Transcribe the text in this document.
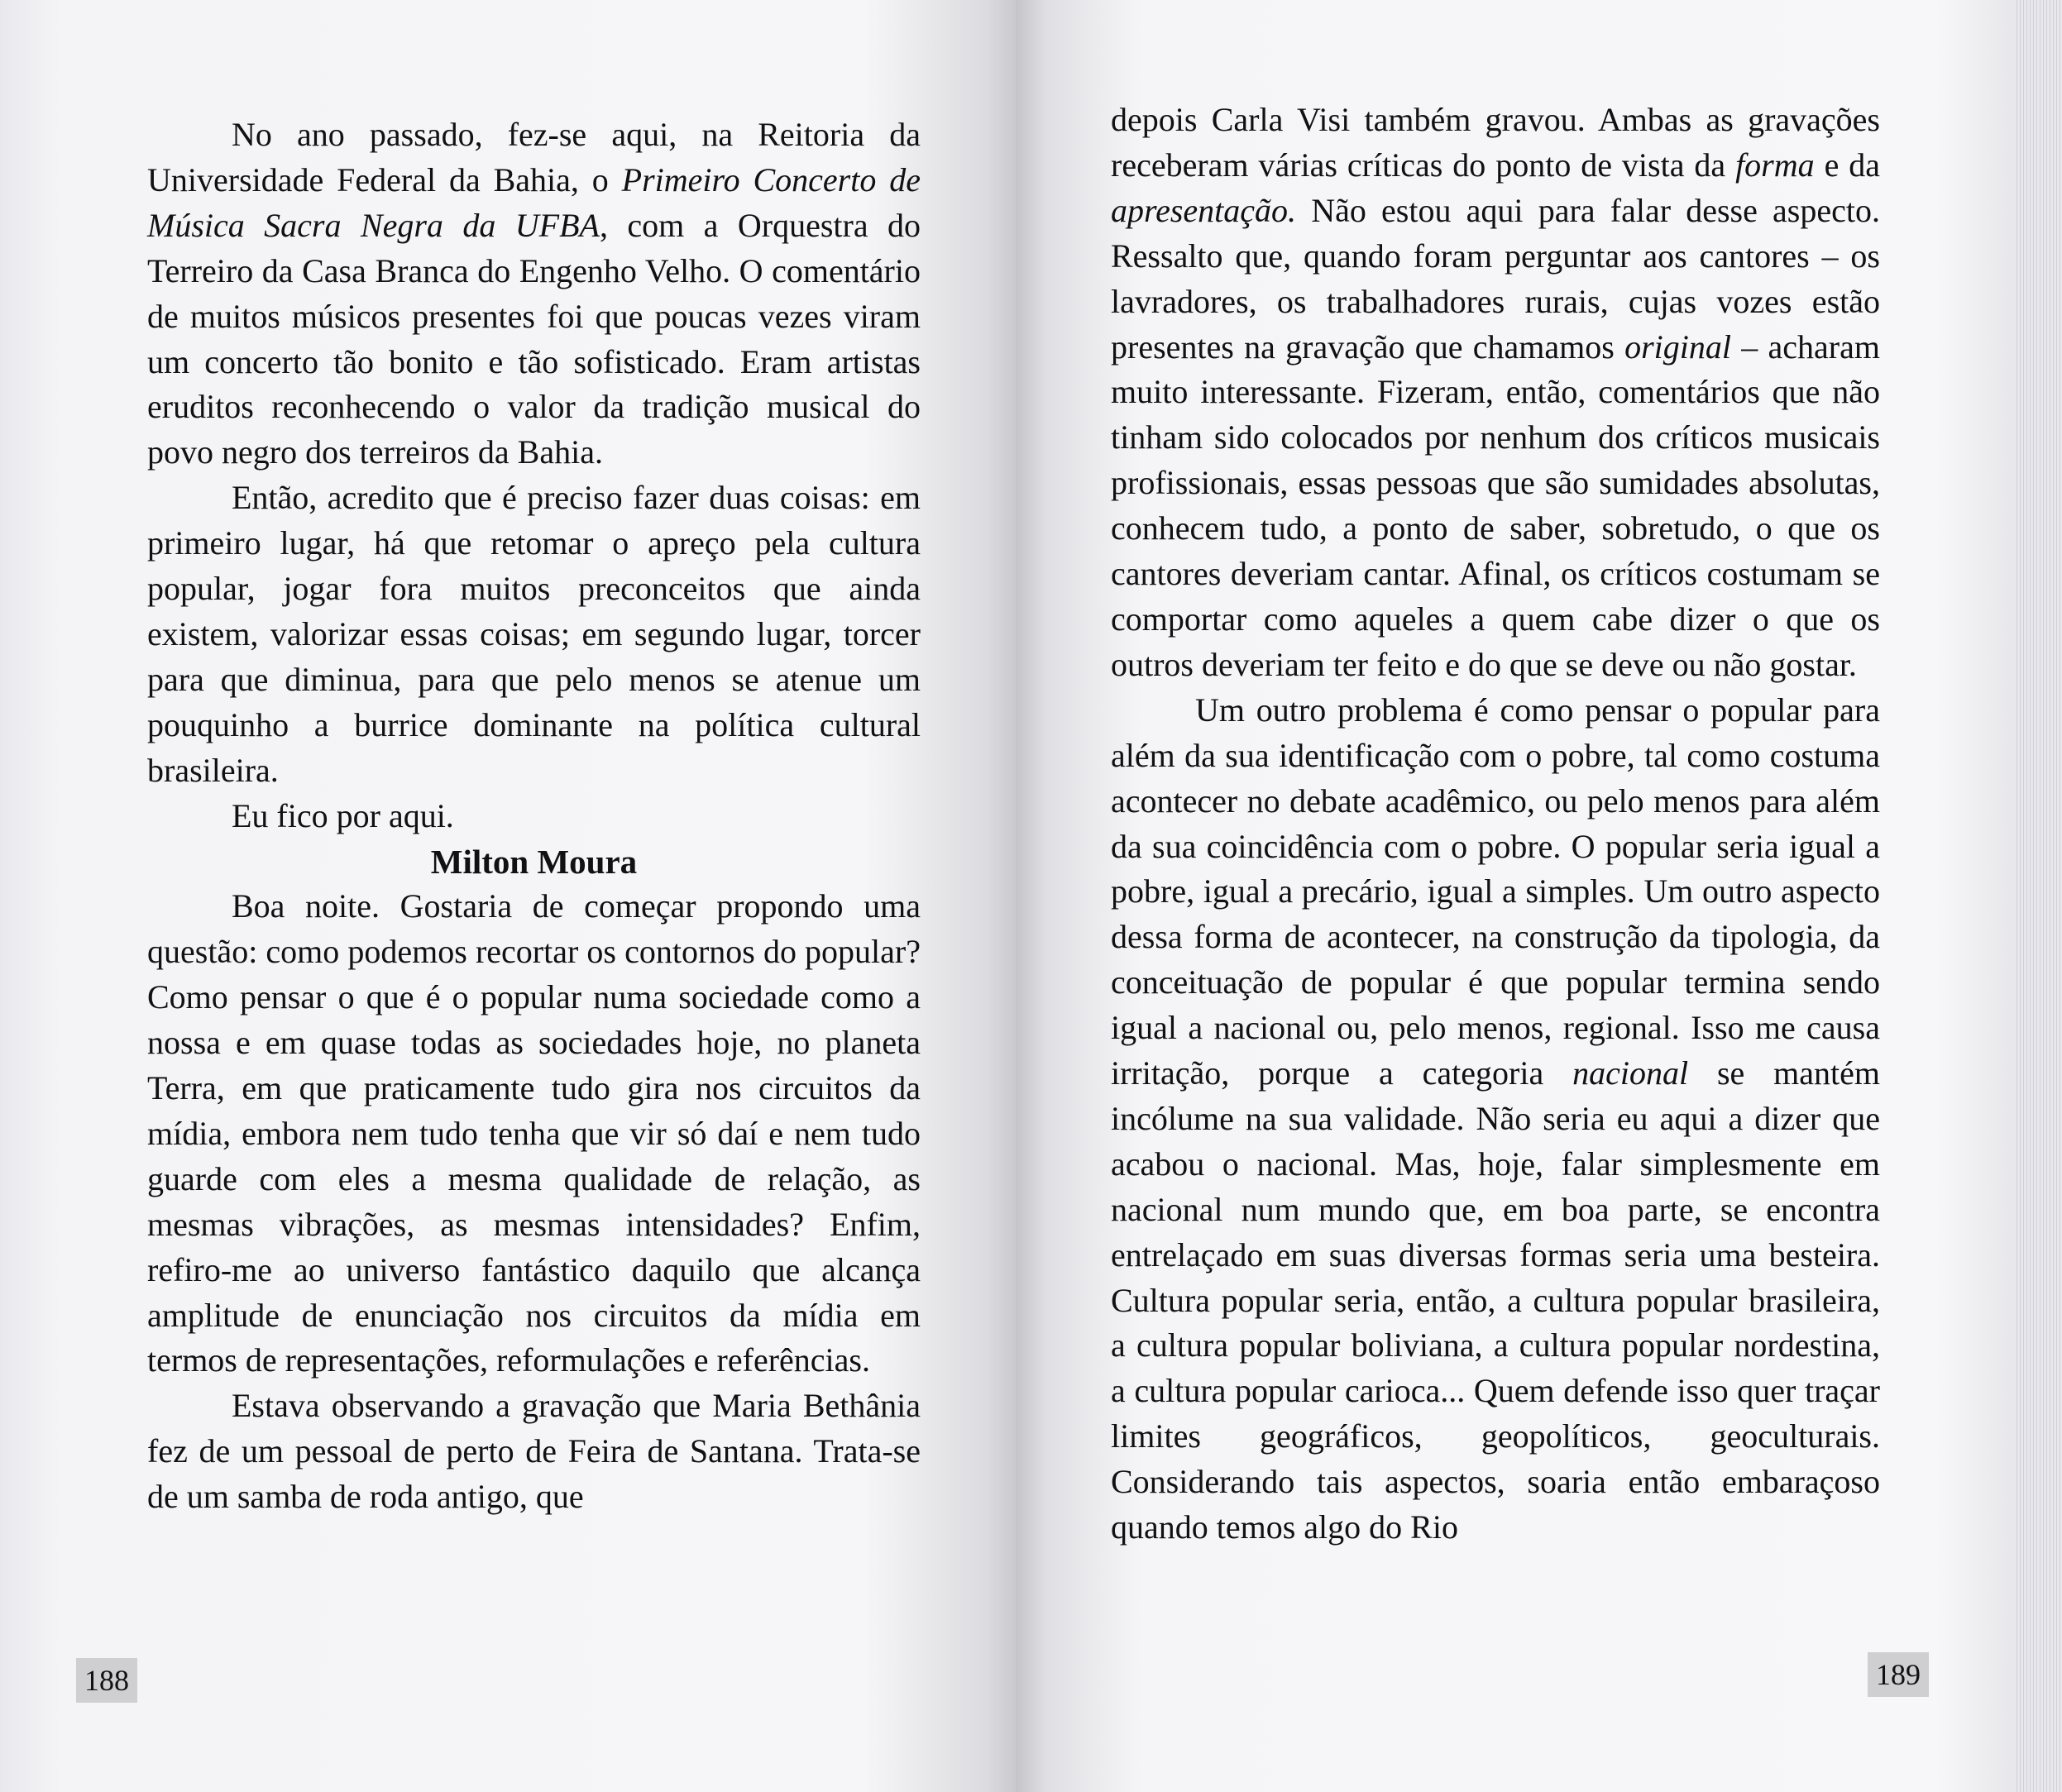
No ano passado, fez-se aqui, na Reitoria da Universidade Federal da Bahia, o Primeiro Concerto de Música Sacra Negra da UFBA, com a Orquestra do Terreiro da Casa Branca do Engenho Velho. O comentário de muitos músicos presentes foi que poucas vezes viram um concerto tão bonito e tão sofisticado. Eram artistas eruditos reconhecendo o valor da tradição musical do povo negro dos terreiros da Bahia.

Então, acredito que é preciso fazer duas coisas: em primeiro lugar, há que retomar o apreço pela cultura popular, jogar fora muitos preconceitos que ainda existem, valorizar essas coisas; em segundo lugar, torcer para que diminua, para que pelo menos se atenue um pouquinho a burrice dominante na política cultural brasileira.

Eu fico por aqui.

Milton Moura

Boa noite. Gostaria de começar propondo uma questão: como podemos recortar os contornos do popular? Como pensar o que é o popular numa sociedade como a nossa e em quase todas as sociedades hoje, no planeta Terra, em que praticamente tudo gira nos circuitos da mídia, embora nem tudo tenha que vir só daí e nem tudo guarde com eles a mesma qualidade de relação, as mesmas vibrações, as mesmas intensidades? Enfim, refiro-me ao universo fantástico daquilo que alcança amplitude de enunciação nos circuitos da mídia em termos de representações, reformulações e referências.

Estava observando a gravação que Maria Bethânia fez de um pessoal de perto de Feira de Santana. Trata-se de um samba de roda antigo, que

188

depois Carla Visi também gravou. Ambas as gravações receberam várias críticas do ponto de vista da forma e da apresentação. Não estou aqui para falar desse aspecto. Ressalto que, quando foram perguntar aos cantores – os lavradores, os trabalhadores rurais, cujas vozes estão presentes na gravação que chamamos original – acharam muito interessante. Fizeram, então, comentários que não tinham sido colocados por nenhum dos críticos musicais profissionais, essas pessoas que são sumidades absolutas, conhecem tudo, a ponto de saber, sobretudo, o que os cantores deveriam cantar. Afinal, os críticos costumam se comportar como aqueles a quem cabe dizer o que os outros deveriam ter feito e do que se deve ou não gostar.

Um outro problema é como pensar o popular para além da sua identificação com o pobre, tal como costuma acontecer no debate acadêmico, ou pelo menos para além da sua coincidência com o pobre. O popular seria igual a pobre, igual a precário, igual a simples. Um outro aspecto dessa forma de acontecer, na construção da tipologia, da conceituação de popular é que popular termina sendo igual a nacional ou, pelo menos, regional. Isso me causa irritação, porque a categoria nacional se mantém incólume na sua validade. Não seria eu aqui a dizer que acabou o nacional. Mas, hoje, falar simplesmente em nacional num mundo que, em boa parte, se encontra entrelaçado em suas diversas formas seria uma besteira. Cultura popular seria, então, a cultura popular brasileira, a cultura popular boliviana, a cultura popular nordestina, a cultura popular carioca... Quem defende isso quer traçar limites geográficos, geopolíticos, geoculturais. Considerando tais aspectos, soaria então embaraçoso quando temos algo do Rio

189
